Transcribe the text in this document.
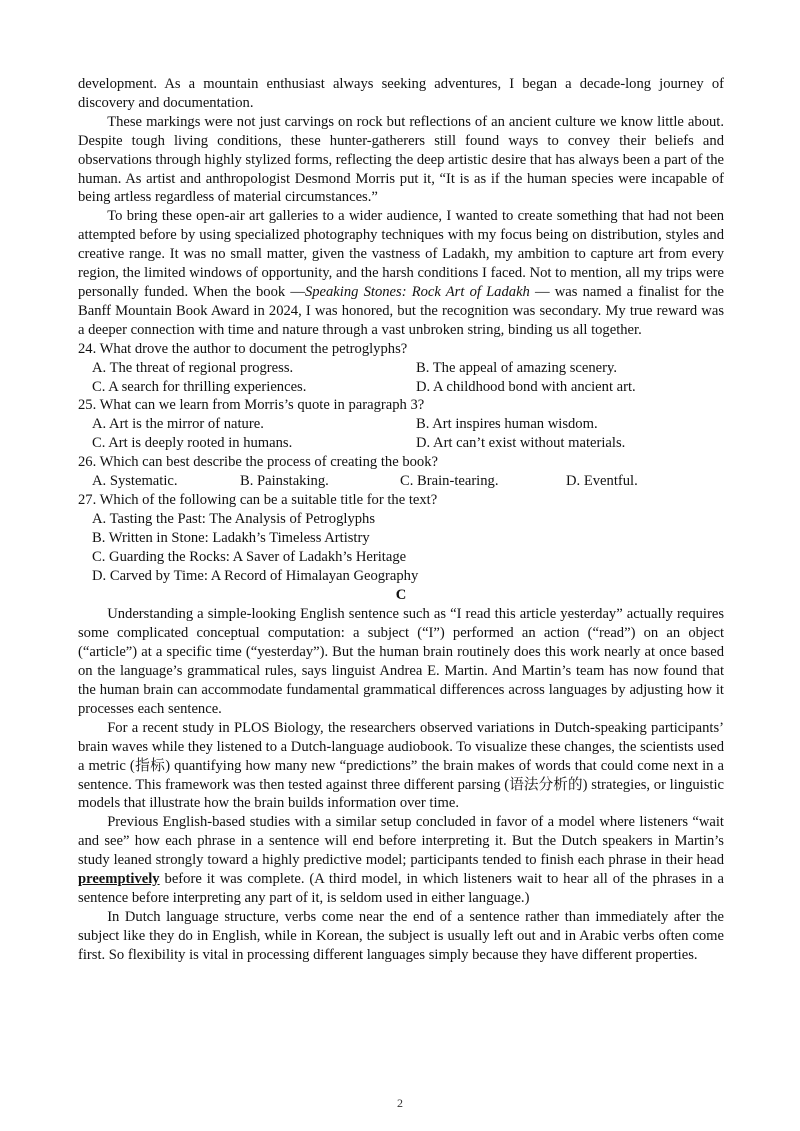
development. As a mountain enthusiast always seeking adventures, I began a decade-long journey of discovery and documentation.

These markings were not just carvings on rock but reflections of an ancient culture we know little about. Despite tough living conditions, these hunter-gatherers still found ways to convey their beliefs and observations through highly stylized forms, reflecting the deep artistic desire that has always been a part of the human. As artist and anthropologist Desmond Morris put it, “It is as if the human species were incapable of being artless regardless of material circumstances.”

To bring these open-air art galleries to a wider audience, I wanted to create something that had not been attempted before by using specialized photography techniques with my focus being on distribution, styles and creative range. It was no small matter, given the vastness of Ladakh, my ambition to capture art from every region, the limited windows of opportunity, and the harsh conditions I faced. Not to mention, all my trips were personally funded. When the book —Speaking Stones: Rock Art of Ladakh — was named a finalist for the Banff Mountain Book Award in 2024, I was honored, but the recognition was secondary. My true reward was a deeper connection with time and nature through a vast unbroken string, binding us all together.

24. What drove the author to document the petroglyphs?

A. The threat of regional progress.	B. The appeal of amazing scenery.
C. A search for thrilling experiences.	D. A childhood bond with ancient art.

25. What can we learn from Morris’s quote in paragraph 3?

A. Art is the mirror of nature.	B. Art inspires human wisdom.
C. Art is deeply rooted in humans.	D. Art can’t exist without materials.

26. Which can best describe the process of creating the book?

A. Systematic.	B. Painstaking.	C. Brain-tearing.	D. Eventful.

27. Which of the following can be a suitable title for the text?

A. Tasting the Past: The Analysis of Petroglyphs
B. Written in Stone: Ladakh’s Timeless Artistry
C. Guarding the Rocks: A Saver of Ladakh’s Heritage
D. Carved by Time: A Record of Himalayan Geography
C

Understanding a simple-looking English sentence such as “I read this article yesterday” actually requires some complicated conceptual computation: a subject (“I”) performed an action (“read”) on an object (“article”) at a specific time (“yesterday”). But the human brain routinely does this work nearly at once based on the language’s grammatical rules, says linguist Andrea E. Martin. And Martin’s team has now found that the human brain can accommodate fundamental grammatical differences across languages by adjusting how it processes each sentence.

For a recent study in PLOS Biology, the researchers observed variations in Dutch-speaking participants’ brain waves while they listened to a Dutch-language audiobook. To visualize these changes, the scientists used a metric (指标) quantifying how many new “predictions” the brain makes of words that could come next in a sentence. This framework was then tested against three different parsing (语法分析的) strategies, or linguistic models that illustrate how the brain builds information over time.

Previous English-based studies with a similar setup concluded in favor of a model where listeners “wait and see” how each phrase in a sentence will end before interpreting it. But the Dutch speakers in Martin’s study leaned strongly toward a highly predictive model; participants tended to finish each phrase in their head preemptively before it was complete. (A third model, in which listeners wait to hear all of the phrases in a sentence before interpreting any part of it, is seldom used in either language.)

In Dutch language structure, verbs come near the end of a sentence rather than immediately after the subject like they do in English, while in Korean, the subject is usually left out and in Arabic verbs often come first. So flexibility is vital in processing different languages simply because they have different properties.

2
